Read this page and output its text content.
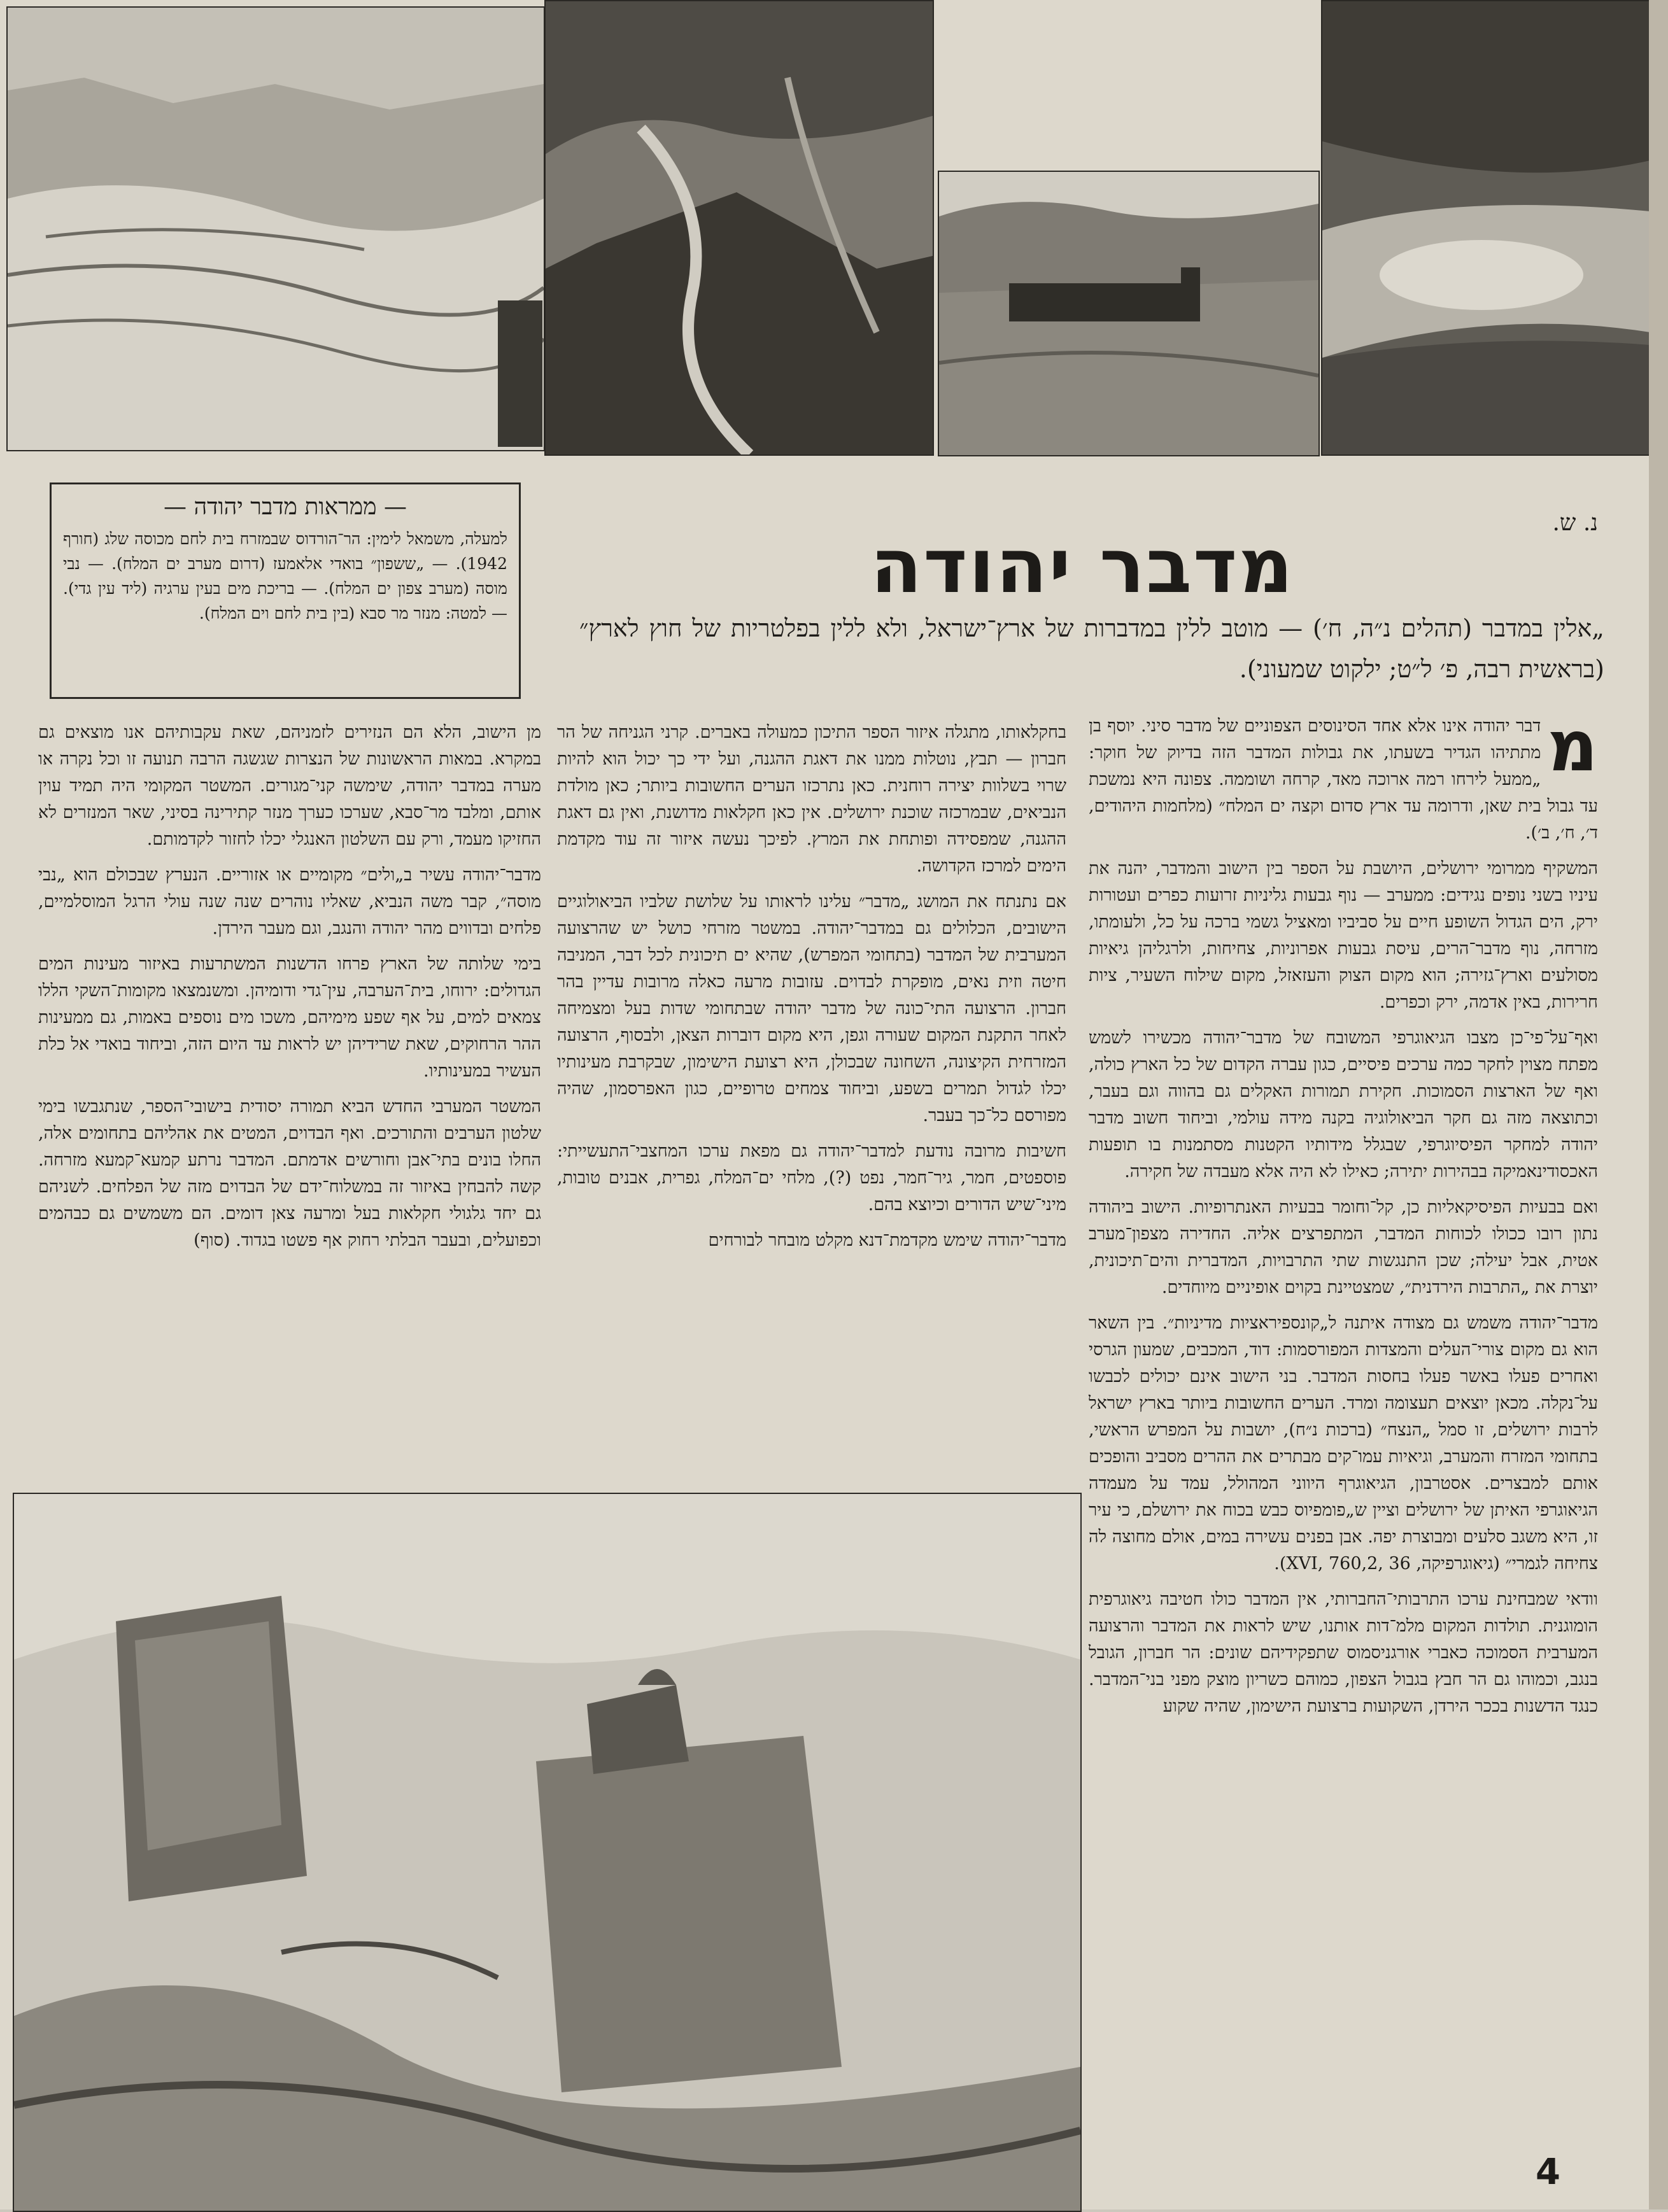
— ממראות מדבר יהודה —
למעלה, משמאל לימין: הר־הורדוס שבמזרח בית לחם מכוסה שלג (חורף 1942). — „ששפון״ בואדי אלאמעז (דרום מערב ים המלח). — נבי מוסה (מערב צפון ים המלח). — בריכת מים בעין ערגיה (ליד עין גדי). — למטה: מנזר מר סבא (בין בית לחם וים המלח).
נ. ש.
מדבר יהודה
„אלין במדבר (תהלים נ״ה, ח׳) — מוטב ללין במדברות של ארץ־ישראל, ולא ללין בפלטריות של חוץ לארץ״ (בראשית רבה, פ׳ ל״ט; ילקוט שמעוני).

מ
דבר יהודה אינו אלא אחד הסינוסים הצפוניים של מדבר סיני. יוסף בן מתתיהו הגדיר בשעתו, את גבולות המדבר הזה בדיוק של חוקר: „ממעל לירחו רמה ארוכה מאד, קרחה ושוממה. צפונה היא נמשכת עד גבול בית שאן, ודרומה עד ארץ סדום וקצה ים המלח״ (מלחמות היהודים, ד׳, ח׳, ב׳).

המשקיף ממרומי ירושלים, היושבת על הספר בין הישוב והמדבר, יהנה את עיניו בשני נופים נגידים: ממערב — נוף גבעות גליניות זרועות כפרים ועטורות ירק, הים הגדול השופע חיים על סביביו ומאציל גשמי ברכה על כל, ולעומתו, מזרחה, נוף מדבר־הרים, עיסת גבעות אפרוניות, צחיחות, ולרגליהן גיאיות מסולעים וארץ־גזירה; הוא מקום הצוק והעזאזל, מקום שילוח השעיר, ציות חרירות, באין אדמה, ירק וכפרים.

ואף־על־פי־כן מצבו הגיאוגרפי המשובח של מדבר־יהודה מכשירו לשמש מפתח מצוין לחקר כמה ערכים פיסיים, כגון עברה הקדום של כל הארץ כולה, ואף של הארצות הסמוכות. חקירת תמורות האקלים גם בהווה וגם בעבר, וכתוצאה מזה גם חקר הביאולוגיה בקנה מידה עולמי, וביחוד חשוב מדבר יהודה למחקר הפיסיוגרפי, שבגלל מידותיו הקטנות מסתמנות בו תופעות האכסודינאמיקה בבהירות יתירה; כאילו לא היה אלא מעבדה של חקירה.

ואם בבעיות הפיסיקאליות כן, קל־וחומר בבעיות האנתרופיות. הישוב ביהודה נתון רובו ככולו לכוחות המדבר, המתפרצים אליה. החדירה מצפון־מערב אטית, אבל יעילה; שכן התנגשות שתי התרבויות, המדברית והים־תיכונית, יוצרת את „התרבות הירדנית״, שמצטיינת בקוים אופיניים מיוחדים.

מדבר־יהודה משמש גם מצודה איתנה ל„קונספיראציות מדיניות״. בין השאר הוא גם מקום צורי־העלים והמצדות המפורסמות: דוד, המכבים, שמעון הגרסי ואחרים פעלו באשר פעלו בחסות המדבר. בני הישוב אינם יכולים לכבשו על־נקלה. מכאן יוצאים תעצומה ומרד. הערים החשובות ביותר בארץ ישראל לרבות ירושלים, זו סמל „הנצח״ (ברכות נ״ח), יושבות על המפרש הראשי, בתחומי המזרח והמערב, וגיאיות עמו־קים מבתרים את ההרים מסביב והופכים אותם למבצרים. אסטרבון, הגיאוגרף היווני המהולל, עמד על מעמדה הגיאוגרפי האיתן של ירושלים וציין ש„פומפיוס כבש בכוח את ירושלם, כי עיר זו, היא משגב סלעים ומבוצרת יפה. אבן בפנים עשירה במים, אולם מחוצה לה צחיחה לגמרי״ (גיאוגרפיקה, XVI, 760,2, 36).

וודאי שמבחינת ערכו התרבותי־החברותי, אין המדבר כולו חטיבה גיאוגרפית הומוגנית. תולדות המקום מלמ־דות אותנו, שיש לראות את המדבר והרצועה המערבית הסמוכה כאברי אורגניסמוס שתפקידיהם שונים: הר חברון, הגובל בנגב, וכמוהו גם הר חבץ בגבול הצפון, כמוהם כשריון מוצק מפני בני־המדבר. כנגד הדשנות בככר הירדן, השקועות ברצועת הישימון, שהיה שקוע

בחקלאותו, מתגלה איזור הספר התיכון כמעולה באברים. קרני הגניחה של הר חברון — תבץ, נוטלות ממנו את דאגת ההגנה, ועל ידי כך יכול הוא להיות שרוי בשלוות יצירה רוחנית. כאן נתרכזו הערים החשובות ביותר; כאן מולדת הנביאים, שבמרכזה שוכנת ירושלים. אין כאן חקלאות מדושנת, ואין גם דאגת ההגנה, שמפסידה ופותחת את המרץ. לפיכך נעשה איזור זה עוד מקדמת הימים למרכז הקדושה.

אם נתנתח את המושג „מדבר״ עלינו לראותו על שלושת שלביו הביאולוגיים הישובים, הכלולים גם במדבר־יהודה. במשטר מזרחי כושל יש שהרצועה המערבית של המדבר (בתחומי המפרש), שהיא ים תיכונית לכל דבר, המניבה חיטה וזית נאים, מופקרת לבדוים. עזובות מרעה כאלה מרובות עדיין בהר חברון. הרצועה התי־כונה של מדבר יהודה שבתחומי שדות בעל ומצמיחה לאחר התקנת המקום שעורה וגפן, היא מקום דוברות הצאן, ולבסוף, הרצועה המזרחית הקיצונה, השחונה שבכולן, היא רצועת הישימון, שבקרבת מעינותיו יכלו לגדול תמרים בשפע, וביחוד צמחים טרופיים, כגון האפרסמון, שהיה מפורסם כל־כך בעבר.

חשיבות מרובה נודעת למדבר־יהודה גם מפאת ערכו המחצבי־התעשייתי: פוספטים, חמר, גיר־חמר, נפט (?), מלחי ים־המלח, גפרית, אבנים טובות, מיני־שיש הדורים וכיוצא בהם.

מדבר־יהודה שימש מקדמת־דנא מקלט מובחר לבורחים

מן הישוב, הלא הם הנזירים לזמניהם, שאת עקבותיהם אנו מוצאים גם במקרא. במאות הראשונות של הנצרות שגשגה הרבה תנועה זו וכל נקרה או מערה במדבר יהודה, שימשה קני־מגורים. המשטר המקומי היה תמיד עוין אותם, ומלבד מר־סבא, שערכו כערך מנזר קתירינה בסיני, שאר המנזרים לא החזיקו מעמד, ורק עם השלטון האנגלי יכלו לחזור לקדמותם.

מדבר־יהודה עשיר ב„ולים״ מקומיים או אזוריים. הנערץ שבכולם הוא „נבי מוסה״, קבר משה הנביא, שאליו נוהרים שנה שנה עולי הרגל המוסלמיים, פלחים ובדווים מהר יהודה והנגב, וגם מעבר הירדן.

בימי שלותה של הארץ פרחו הדשנות המשתרעות באיזור מעינות המים הגדולים: ירוחו, בית־הערבה, עין־גדי ודומיהן. ומשנמצאו מקומות־השקי הללו צמאים למים, על אף שפע מימיהם, משכו מים נוספים באמות, גם ממעינות ההר הרחוקים, שאת שרידיהן יש לראות עד היום הזה, וביחוד בואדי אל כלת העשיר במעינותיו.

המשטר המערבי החדש הביא תמורה יסודית בישובי־הספר, שנתגבשו בימי שלטון הערבים והתורכים. ואף הבדוים, המטים את אהליהם בתחומים אלה, החלו בונים בתי־אבן וחורשים אדמתם. המדבר נרתע קמעא־קמעא מזרחה. קשה להבחין באיזור זה במשלוח־ידם של הבדוים מזה של הפלחים. לשניהם גם יחד גלגולי חקלאות בעל ומרעה צאן דומים. הם משמשים גם כבהמים וכפועלים, ובעבר הבלתי רחוק אף פשטו בגדוד. (סוף)

4
